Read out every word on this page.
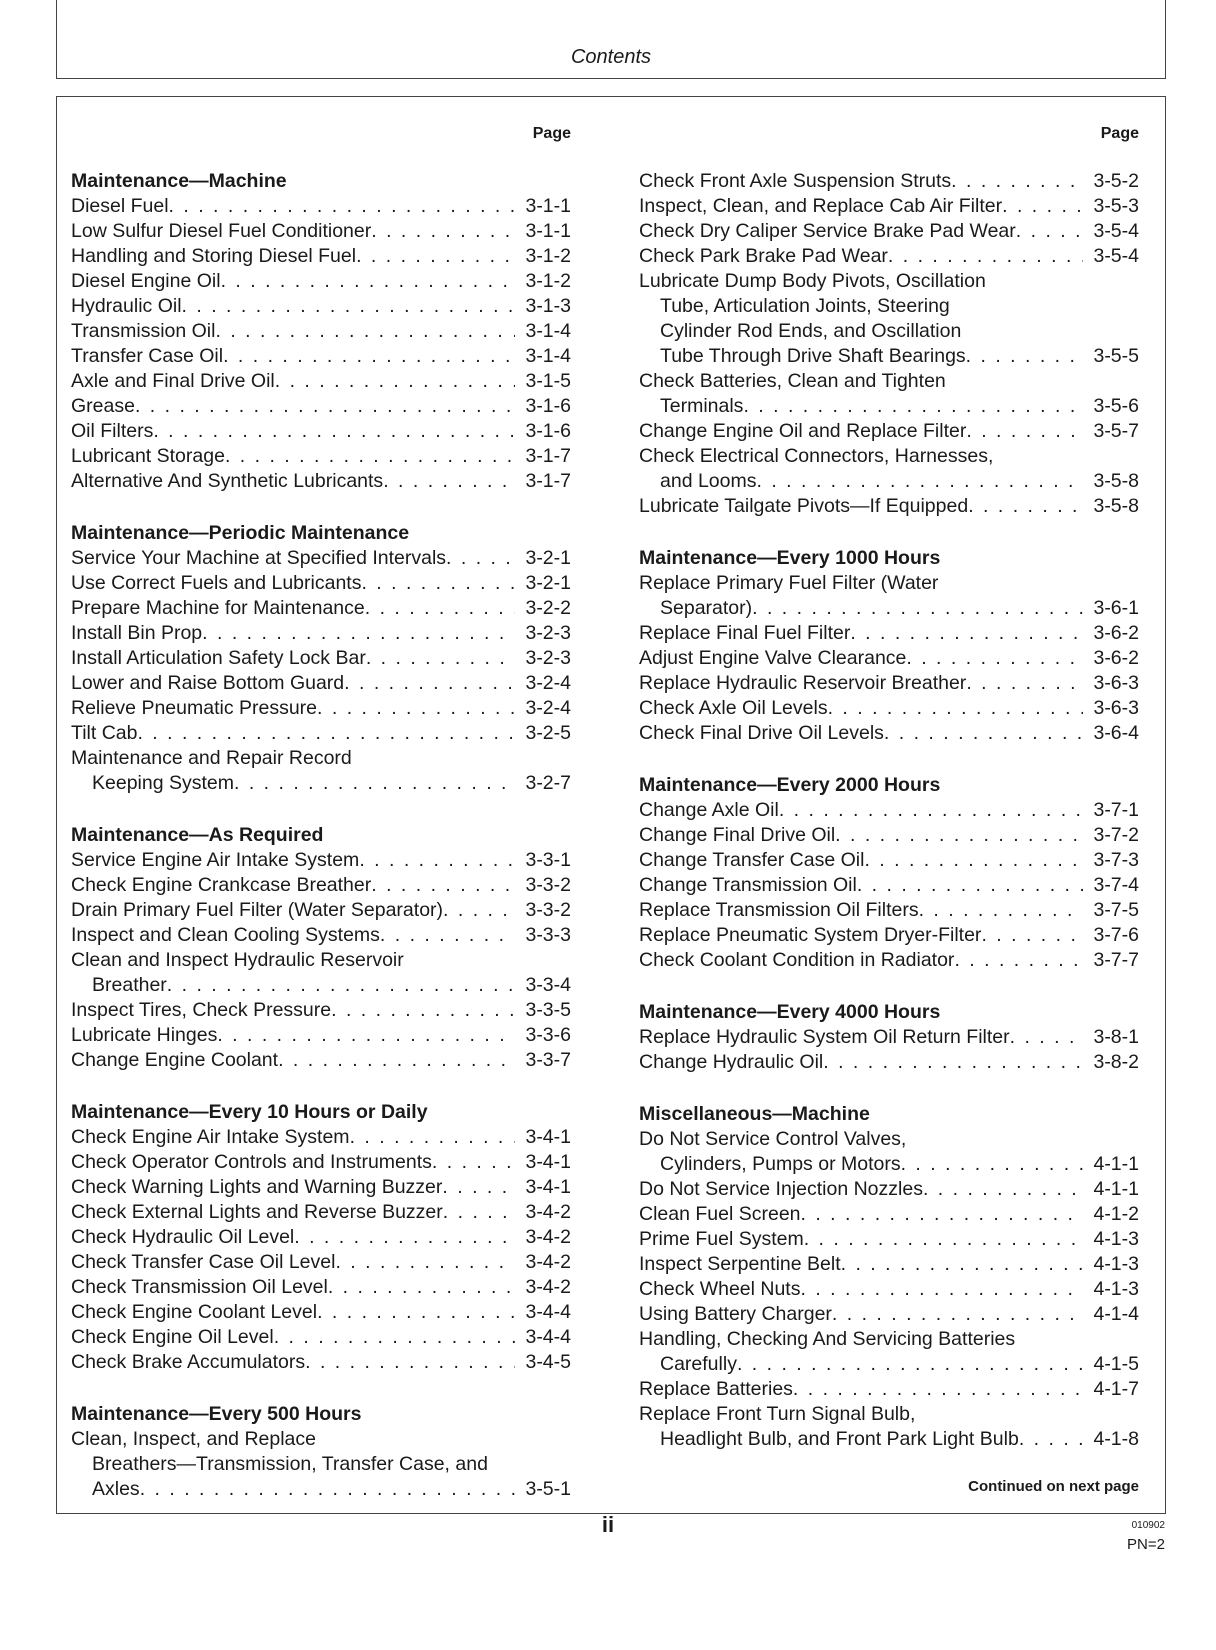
Contents
Page
Maintenance—Machine
Diesel Fuel . . .	3-1-1
Low Sulfur Diesel Fuel Conditioner . . .	3-1-1
Handling and Storing Diesel Fuel . . .	3-1-2
Diesel Engine Oil . . .	3-1-2
Hydraulic Oil . . .	3-1-3
Transmission Oil . . .	3-1-4
Transfer Case Oil . . .	3-1-4
Axle and Final Drive Oil . . .	3-1-5
Grease . . .	3-1-6
Oil Filters . . .	3-1-6
Lubricant Storage . . .	3-1-7
Alternative And Synthetic Lubricants . . .	3-1-7
Maintenance—Periodic Maintenance
Service Your Machine at Specified Intervals . . .	3-2-1
Use Correct Fuels and Lubricants . . .	3-2-1
Prepare Machine for Maintenance . . .	3-2-2
Install Bin Prop . . .	3-2-3
Install Articulation Safety Lock Bar . . .	3-2-3
Lower and Raise Bottom Guard . . .	3-2-4
Relieve Pneumatic Pressure . . .	3-2-4
Tilt Cab . . .	3-2-5
Maintenance and Repair Record
Keeping System . . .	3-2-7
Maintenance—As Required
Service Engine Air Intake System . . .	3-3-1
Check Engine Crankcase Breather . . .	3-3-2
Drain Primary Fuel Filter (Water Separator) . . .	3-3-2
Inspect and Clean Cooling Systems . . .	3-3-3
Clean and Inspect Hydraulic Reservoir
Breather . . .	3-3-4
Inspect Tires, Check Pressure . . .	3-3-5
Lubricate Hinges . . .	3-3-6
Change Engine Coolant . . .	3-3-7
Maintenance—Every 10 Hours or Daily
Check Engine Air Intake System . . .	3-4-1
Check Operator Controls and Instruments . . .	3-4-1
Check Warning Lights and Warning Buzzer . . .	3-4-1
Check External Lights and Reverse Buzzer . . .	3-4-2
Check Hydraulic Oil Level . . .	3-4-2
Check Transfer Case Oil Level . . .	3-4-2
Check Transmission Oil Level . . .	3-4-2
Check Engine Coolant Level . . .	3-4-4
Check Engine Oil Level . . .	3-4-4
Check Brake Accumulators . . .	3-4-5
Maintenance—Every 500 Hours
Clean, Inspect, and Replace
Breathers—Transmission, Transfer Case, and
Axles . . .	3-5-1
Page
Check Front Axle Suspension Struts . . .	3-5-2
Inspect, Clean, and Replace Cab Air Filter . . .	3-5-3
Check Dry Caliper Service Brake Pad Wear . . .	3-5-4
Check Park Brake Pad Wear . . .	3-5-4
Lubricate Dump Body Pivots, Oscillation
Tube, Articulation Joints, Steering
Cylinder Rod Ends, and Oscillation
Tube Through Drive Shaft Bearings . . .	3-5-5
Check Batteries, Clean and Tighten
Terminals . . .	3-5-6
Change Engine Oil and Replace Filter . . .	3-5-7
Check Electrical Connectors, Harnesses,
and Looms . . .	3-5-8
Lubricate Tailgate Pivots—If Equipped . . .	3-5-8
Maintenance—Every 1000 Hours
Replace Primary Fuel Filter (Water
Separator) . . .	3-6-1
Replace Final Fuel Filter . . .	3-6-2
Adjust Engine Valve Clearance . . .	3-6-2
Replace Hydraulic Reservoir Breather . . .	3-6-3
Check Axle Oil Levels . . .	3-6-3
Check Final Drive Oil Levels . . .	3-6-4
Maintenance—Every 2000 Hours
Change Axle Oil . . .	3-7-1
Change Final Drive Oil . . .	3-7-2
Change Transfer Case Oil . . .	3-7-3
Change Transmission Oil . . .	3-7-4
Replace Transmission Oil Filters . . .	3-7-5
Replace Pneumatic System Dryer-Filter . . .	3-7-6
Check Coolant Condition in Radiator . . .	3-7-7
Maintenance—Every 4000 Hours
Replace Hydraulic System Oil Return Filter . . .	3-8-1
Change Hydraulic Oil . . .	3-8-2
Miscellaneous—Machine
Do Not Service Control Valves,
Cylinders, Pumps or Motors . . .	4-1-1
Do Not Service Injection Nozzles . . .	4-1-1
Clean Fuel Screen . . .	4-1-2
Prime Fuel System . . .	4-1-3
Inspect Serpentine Belt . . .	4-1-3
Check Wheel Nuts . . .	4-1-3
Using Battery Charger . . .	4-1-4
Handling, Checking And Servicing Batteries
Carefully . . .	4-1-5
Replace Batteries . . .	4-1-7
Replace Front Turn Signal Bulb,
Headlight Bulb, and Front Park Light Bulb . . .	4-1-8
Continued on next page
ii	010902
PN=2
